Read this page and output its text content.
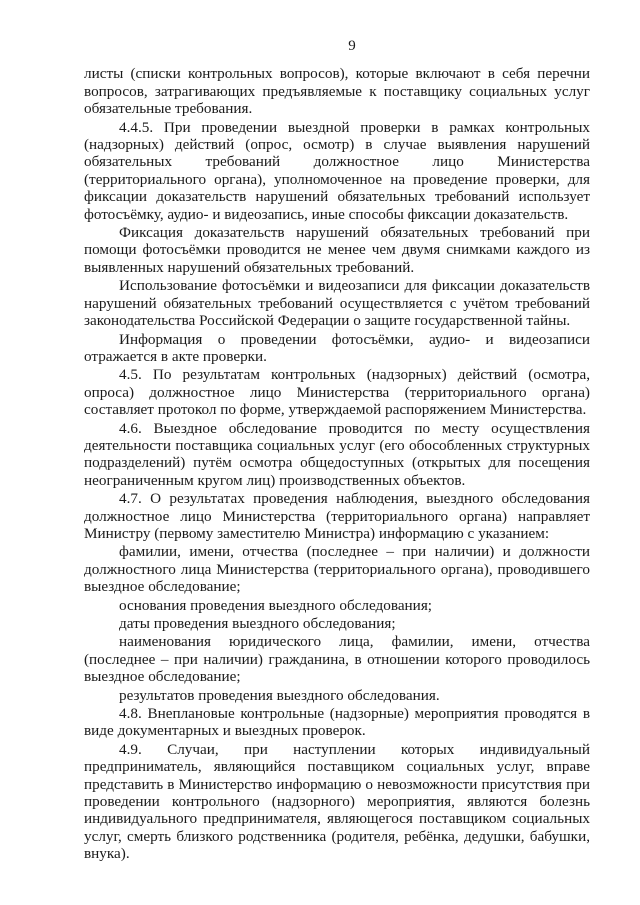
9

листы (списки контрольных вопросов), которые включают в себя перечни вопросов, затрагивающих предъявляемые к поставщику социальных услуг обязательные требования.

4.4.5. При проведении выездной проверки в рамках контрольных (надзорных) действий (опрос, осмотр) в случае выявления нарушений обязательных требований должностное лицо Министерства (территориального органа), уполномоченное на проведение проверки, для фиксации доказательств нарушений обязательных требований использует фотосъёмку, аудио- и видеозапись, иные способы фиксации доказательств.

Фиксация доказательств нарушений обязательных требований при помощи фотосъёмки проводится не менее чем двумя снимками каждого из выявленных нарушений обязательных требований.

Использование фотосъёмки и видеозаписи для фиксации доказательств нарушений обязательных требований осуществляется с учётом требований законодательства Российской Федерации о защите государственной тайны.

Информация о проведении фотосъёмки, аудио- и видеозаписи отражается в акте проверки.

4.5. По результатам контрольных (надзорных) действий (осмотра, опроса) должностное лицо Министерства (территориального органа) составляет протокол по форме, утверждаемой распоряжением Министерства.

4.6. Выездное обследование проводится по месту осуществления деятельности поставщика социальных услуг (его обособленных структурных подразделений) путём осмотра общедоступных (открытых для посещения неограниченным кругом лиц) производственных объектов.

4.7. О результатах проведения наблюдения, выездного обследования должностное лицо Министерства (территориального органа) направляет Министру (первому заместителю Министра) информацию с указанием:

фамилии, имени, отчества (последнее – при наличии) и должности должностного лица Министерства (территориального органа), проводившего выездное обследование;

основания проведения выездного обследования;

даты проведения выездного обследования;

наименования юридического лица, фамилии, имени, отчества (последнее – при наличии) гражданина, в отношении которого проводилось выездное обследование;

результатов проведения выездного обследования.

4.8. Внеплановые контрольные (надзорные) мероприятия проводятся в виде документарных и выездных проверок.

4.9. Случаи, при наступлении которых индивидуальный предприниматель, являющийся поставщиком социальных услуг, вправе представить в Министерство информацию о невозможности присутствия при проведении контрольного (надзорного) мероприятия, являются болезнь индивидуального предпринимателя, являющегося поставщиком социальных услуг, смерть близкого родственника (родителя, ребёнка, дедушки, бабушки, внука).
